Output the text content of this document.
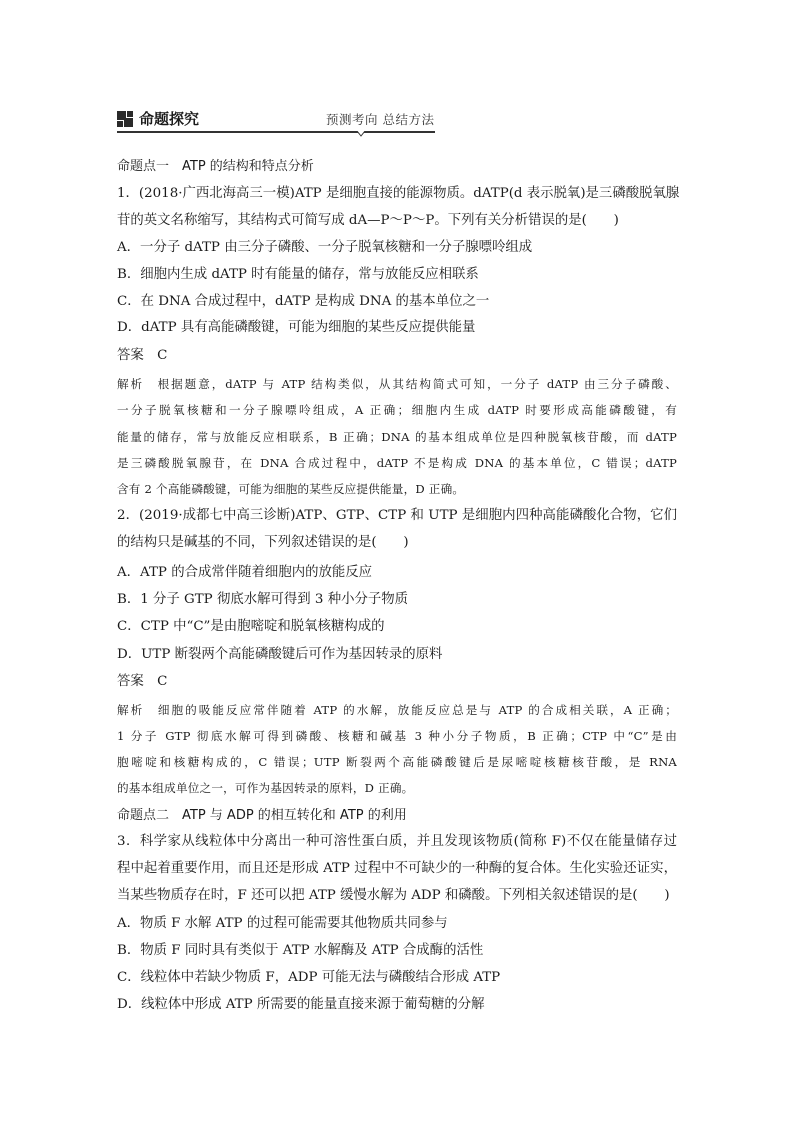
命题探究	预测考向 总结方法
命题点一　ATP 的结构和特点分析
1．(2018·广西北海高三一模)ATP 是细胞直接的能源物质。dATP(d 表示脱氧)是三磷酸脱氧腺
苷的英文名称缩写，其结构式可简写成 dA—P～P～P。下列有关分析错误的是(　　)
A．一分子 dATP 由三分子磷酸、一分子脱氧核糖和一分子腺嘌呤组成
B．细胞内生成 dATP 时有能量的储存，常与放能反应相联系
C．在 DNA 合成过程中，dATP 是构成 DNA 的基本单位之一
D．dATP 具有高能磷酸键，可能为细胞的某些反应提供能量
答案　C
解析　根据题意，dATP 与 ATP 结构类似，从其结构简式可知，一分子 dATP 由三分子磷酸、
一分子脱氧核糖和一分子腺嘌呤组成，A 正确；细胞内生成 dATP 时要形成高能磷酸键，有
能量的储存，常与放能反应相联系，B 正确；DNA 的基本组成单位是四种脱氧核苷酸，而 dATP
是三磷酸脱氧腺苷，在 DNA 合成过程中，dATP 不是构成 DNA 的基本单位，C 错误；dATP
含有 2 个高能磷酸键，可能为细胞的某些反应提供能量，D 正确。
2．(2019·成都七中高三诊断)ATP、GTP、CTP 和 UTP 是细胞内四种高能磷酸化合物，它们
的结构只是碱基的不同，下列叙述错误的是(　　)
A．ATP 的合成常伴随着细胞内的放能反应
B．1 分子 GTP 彻底水解可得到 3 种小分子物质
C．CTP 中“C”是由胞嘧啶和脱氧核糖构成的
D．UTP 断裂两个高能磷酸键后可作为基因转录的原料
答案　C
解析　细胞的吸能反应常伴随着 ATP 的水解，放能反应总是与 ATP 的合成相关联，A 正确；
1 分子 GTP 彻底水解可得到磷酸、核糖和碱基 3 种小分子物质，B 正确；CTP 中“C”是由
胞嘧啶和核糖构成的，C 错误；UTP 断裂两个高能磷酸键后是尿嘧啶核糖核苷酸，是 RNA
的基本组成单位之一，可作为基因转录的原料，D 正确。
命题点二　ATP 与 ADP 的相互转化和 ATP 的利用
3．科学家从线粒体中分离出一种可溶性蛋白质，并且发现该物质(简称 F)不仅在能量储存过
程中起着重要作用，而且还是形成 ATP 过程中不可缺少的一种酶的复合体。生化实验还证实，
当某些物质存在时，F 还可以把 ATP 缓慢水解为 ADP 和磷酸。下列相关叙述错误的是(　　)
A．物质 F 水解 ATP 的过程可能需要其他物质共同参与
B．物质 F 同时具有类似于 ATP 水解酶及 ATP 合成酶的活性
C．线粒体中若缺少物质 F，ADP 可能无法与磷酸结合形成 ATP
D．线粒体中形成 ATP 所需要的能量直接来源于葡萄糖的分解
